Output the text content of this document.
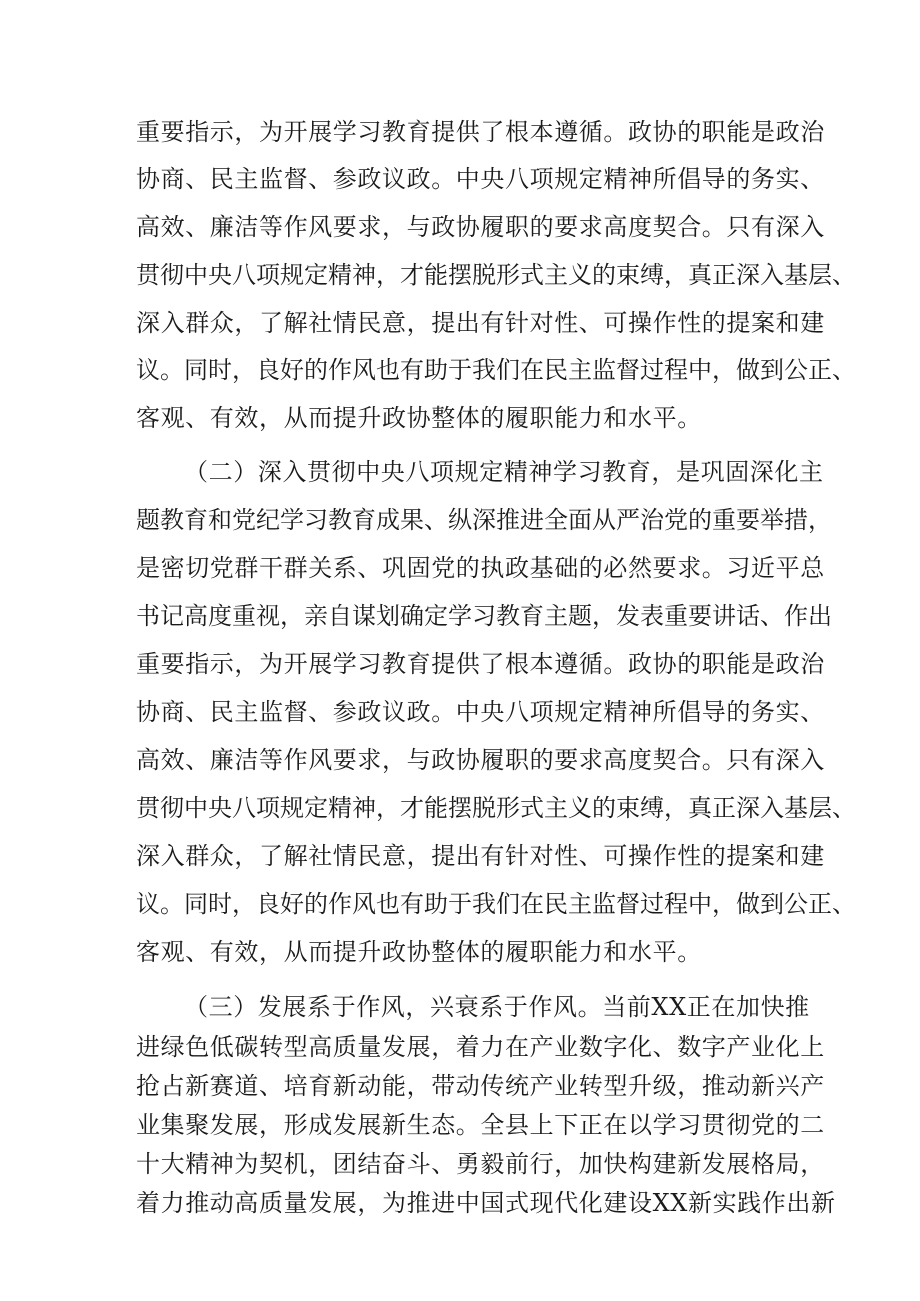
重要指示，为开展学习教育提供了根本遵循。政协的职能是政治
协商、民主监督、参政议政。中央八项规定精神所倡导的务实、
高效、廉洁等作风要求，与政协履职的要求高度契合。只有深入
贯彻中央八项规定精神，才能摆脱形式主义的束缚，真正深入基层、
深入群众，了解社情民意，提出有针对性、可操作性的提案和建
议。同时，良好的作风也有助于我们在民主监督过程中，做到公正、
客观、有效，从而提升政协整体的履职能力和水平。
（二）深入贯彻中央八项规定精神学习教育，是巩固深化主
题教育和党纪学习教育成果、纵深推进全面从严治党的重要举措，
是密切党群干群关系、巩固党的执政基础的必然要求。习近平总
书记高度重视，亲自谋划确定学习教育主题，发表重要讲话、作出
重要指示，为开展学习教育提供了根本遵循。政协的职能是政治
协商、民主监督、参政议政。中央八项规定精神所倡导的务实、
高效、廉洁等作风要求，与政协履职的要求高度契合。只有深入
贯彻中央八项规定精神，才能摆脱形式主义的束缚，真正深入基层、
深入群众，了解社情民意，提出有针对性、可操作性的提案和建
议。同时，良好的作风也有助于我们在民主监督过程中，做到公正、
客观、有效，从而提升政协整体的履职能力和水平。
（三）发展系于作风，兴衰系于作风。当前XX正在加快推
进绿色低碳转型高质量发展，着力在产业数字化、数字产业化上
抢占新赛道、培育新动能，带动传统产业转型升级，推动新兴产
业集聚发展，形成发展新生态。全县上下正在以学习贯彻党的二
十大精神为契机，团结奋斗、勇毅前行，加快构建新发展格局，
着力推动高质量发展，为推进中国式现代化建设XX新实践作出新
